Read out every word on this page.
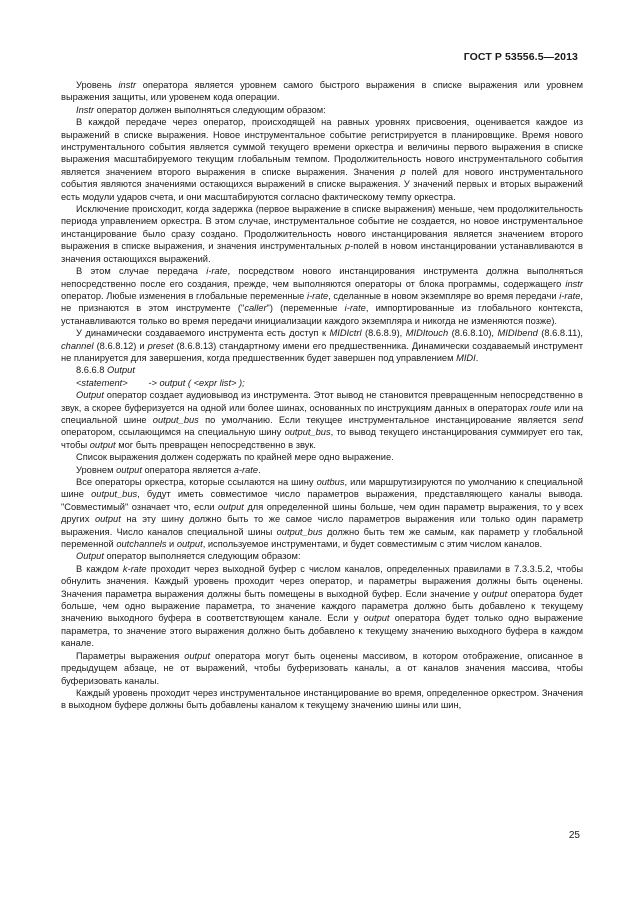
ГОСТ Р 53556.5—2013

Уровень instr оператора является уровнем самого быстрого выражения в списке выражения или уровнем выражения защиты, или уровенем кода операции.

Instr оператор должен выполняться следующим образом:

В каждой передаче через оператор, происходящей на равных уровнях присвоения, оценивается каждое из выражений в списке выражения. Новое инструментальное событие регистрируется в планировщике. Время нового инструментального события является суммой текущего времени оркестра и величины первого выражения в списке выражения масштабируемого текущим глобальным темпом. Продолжительность нового инструментального события является значением второго выражения в списке выражения. Значения p полей для нового инструментального события являются значениями остающихся выражений в списке выражения. У значений первых и вторых выражений есть модули ударов счета, и они масштабируются согласно фактическому темпу оркестра.

Исключение происходит, когда задержка (первое выражение в списке выражения) меньше, чем продолжительность периода управлением оркестра. В этом случае, инструментальное событие не создается, но новое инструментальное инстанцирование было сразу создано. Продолжительность нового инстанцирования является значением второго выражения в списке выражения, и значения инструментальных p-полей в новом инстанцировании устанавливаются в значения остающихся выражений.

В этом случае передача i-rate, посредством нового инстанцирования инструмента должна выполняться непосредственно после его создания, прежде, чем выполняются операторы от блока программы, содержащего instr оператор. Любые изменения в глобальные переменные i-rate, сделанные в новом экземпляре во время передачи i-rate, не признаются в этом инструменте ("caller") (переменные i-rate, импортированные из глобального контекста, устанавливаются только во время передачи инициализации каждого экземпляра и никогда не изменяются позже).

У динамически создаваемого инструмента есть доступ к MIDIctrl (8.6.8.9), MIDItouch (8.6.8.10), MIDIbend (8.6.8.11), channel (8.6.8.12) и preset (8.6.8.13) стандартному имени его предшественника. Динамически создаваемый инструмент не планируется для завершения, когда предшественник будет завершен под управлением MIDI.

8.6.6.8 Output

<statement>        -> output ( <expr list> );

Output оператор создает аудиовывод из инструмента. Этот вывод не становится превращенным непосредственно в звук, а скорее буферизуется на одной или более шинах, основанных по инструкциям данных в операторах route или на специальной шине output_bus по умолчанию. Если текущее инструментальное инстанцирование является send оператором, ссылающимся на специальную шину output_bus, то вывод текущего инстанцирования суммирует его так, чтобы output мог быть превращен непосредственно в звук.

Список выражения должен содержать по крайней мере одно выражение.

Уровнем output оператора является a-rate.

Все операторы оркестра, которые ссылаются на шину outbus, или маршрутизируются по умолчанию к специальной шине output_bus, будут иметь совместимое число параметров выражения, представляющего каналы вывода. "Совместимый" означает что, если output для определенной шины больше, чем один параметр выражения, то у всех других output на эту шину должно быть то же самое число параметров выражения или только один параметр выражения. Число каналов специальной шины output_bus должно быть тем же самым, как параметр у глобальной переменной outchannels и output, используемое инструментами, и будет совместимым с этим числом каналов.

Output оператор выполняется следующим образом:

В каждом k-rate проходит через выходной буфер с числом каналов, определенных правилами в 7.3.3.5.2, чтобы обнулить значения. Каждый уровень проходит через оператор, и параметры выражения должны быть оценены. Значения параметра выражения должны быть помещены в выходной буфер. Если значение у output оператора будет больше, чем одно выражение параметра, то значение каждого параметра должно быть добавлено к текущему значению выходного буфера в соответствующем канале. Если у output оператора будет только одно выражение параметра, то значение этого выражения должно быть добавлено к текущему значению выходного буфера в каждом канале.

Параметры выражения output оператора могут быть оценены массивом, в котором отображение, описанное в предыдущем абзаце, не от выражений, чтобы буферизовать каналы, а от каналов значения массива, чтобы буферизовать каналы.

Каждый уровень проходит через инструментальное инстанцирование во время, определенное оркестром. Значения в выходном буфере должны быть добавлены каналом к текущему значению шины или шин,

25
